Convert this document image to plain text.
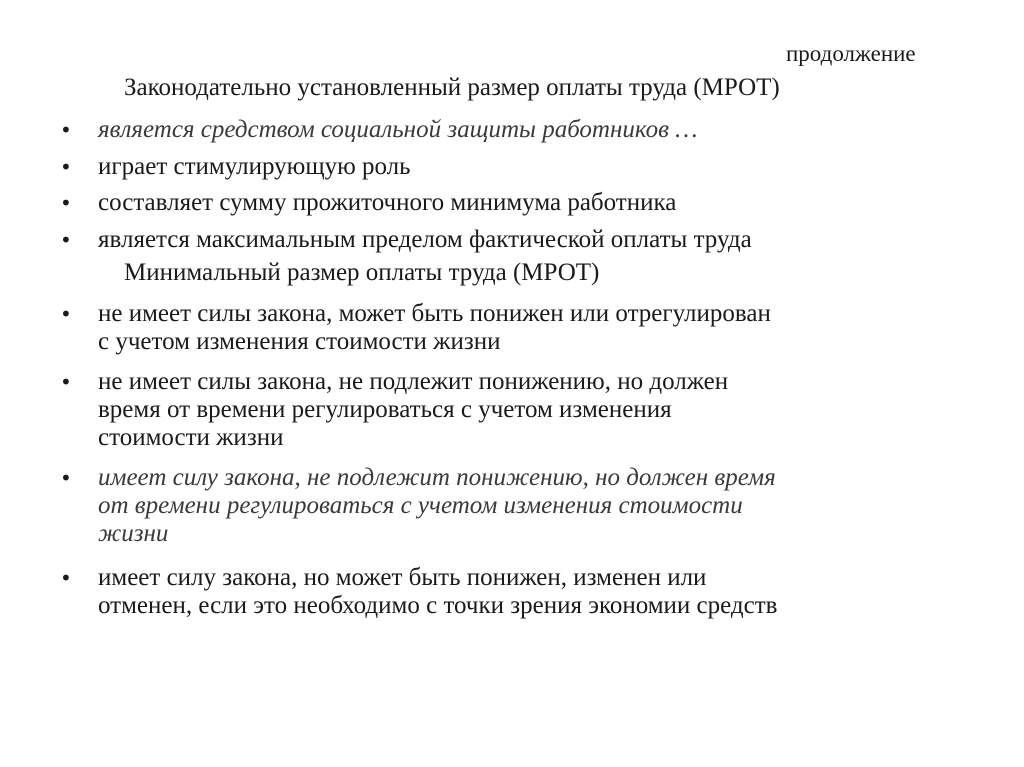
продолжение
Законодательно установленный размер оплаты труда (МРОТ)
•	является средством социальной защиты работников …
•	играет стимулирующую роль
•	составляет сумму прожиточного минимума работника
•	является максимальным пределом фактической оплаты труда
Минимальный размер оплаты труда (МРОТ)
•	не имеет силы закона, может быть понижен или отрегулирован
с учетом изменения стоимости жизни
•	не имеет силы закона, не подлежит понижению, но должен
время от времени регулироваться с учетом изменения
стоимости жизни
•	имеет силу закона, не подлежит понижению, но должен время
от времени регулироваться с учетом изменения стоимости
жизни
•	имеет силу закона, но может быть понижен, изменен или
отменен, если это необходимо с точки зрения экономии средств
